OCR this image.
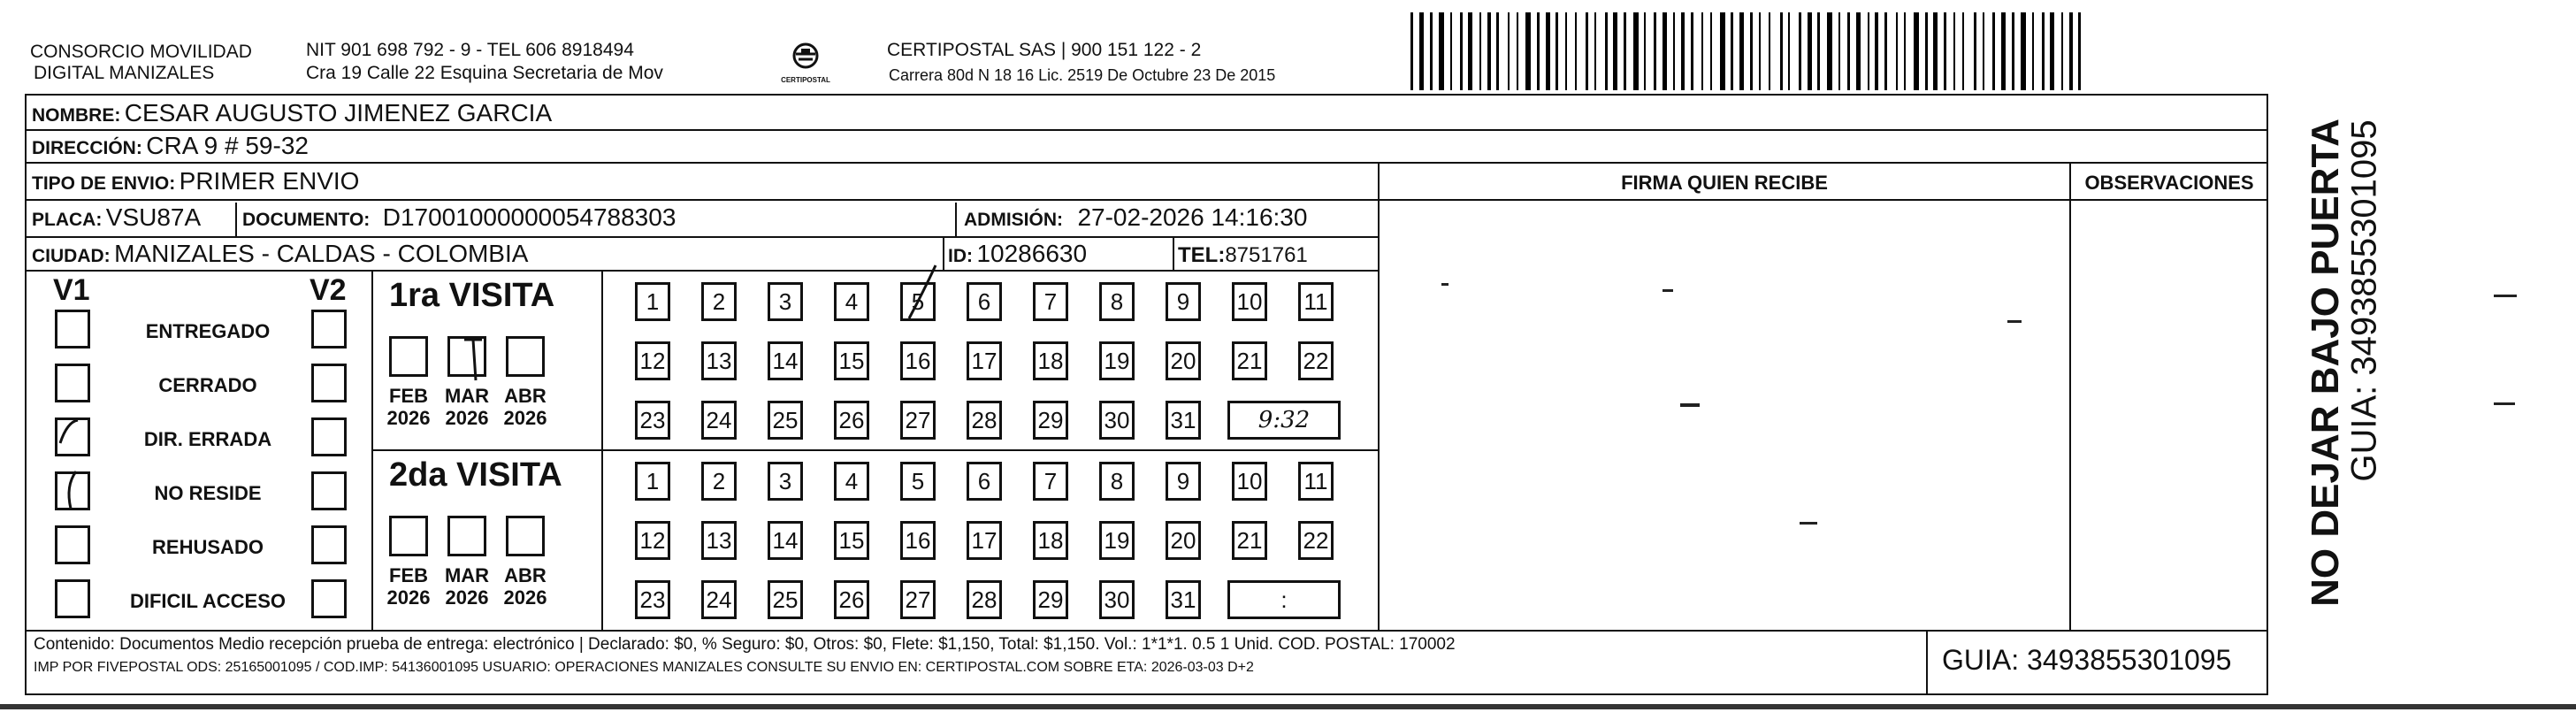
CONSORCIO MOVILIDAD
DIGITAL MANIZALES
NIT 901 698 792 - 9 - TEL 606 8918494
Cra 19 Calle 22 Esquina Secretaria de Mov	CERTIPOSTAL
CERTIPOSTAL SAS | 900 151 122 - 2
Carrera 80d N 18 16 Lic. 2519 De Octubre 23 De 2015
NOMBRE: CESAR AUGUSTO JIMENEZ GARCIA
DIRECCIÓN: CRA 9 # 59-32
TIPO DE ENVIO: PRIMER ENVIO
PLACA: VSU87A DOCUMENTO: D17001000000054788303	ADMISIÓN: 27-02-2026 14:16:30
CIUDAD: MANIZALES - CALDAS - COLOMBIA	ID: 10286630	TEL:8751761
FIRMA QUIEN RECIBE	OBSERVACIONES
V1	V2
ENTREGADO
CERRADO
DIR. ERRADA
NO RESIDE
REHUSADO
DIFICIL ACCESO
1ra VISITA
FEB
2026
MAR
2026
ABR
2026
1	2	3	4	5	6	7	8	9	10 11
12 13 14 15 16 17 18 19 20 21 22
23 24 25 26 27 28 29 30 31	9:32
2da VISITA
FEB
2026
MAR
2026
ABR
2026
1	2	3	4	5	6	7	8	9	10 11
12 13 14 15 16 17 18 19 20 21 22
23 24 25 26 27 28 29 30 31	:
Contenido: Documentos Medio recepción prueba de entrega: electrónico | Declarado: $0, % Seguro: $0, Otros: $0, Flete: $1,150, Total: $1,150. Vol.: 1*1*1. 0.5 1 Unid. COD. POSTAL: 170002
IMP POR FIVEPOSTAL ODS: 25165001095 / COD.IMP: 54136001095 USUARIO: OPERACIONES MANIZALES CONSULTE SU ENVIO EN: CERTIPOSTAL.COM SOBRE ETA: 2026-03-03 D+2	GUIA: 3493855301095
NO DEJAR BAJO PUERTA
GUIA: 3493855301095
